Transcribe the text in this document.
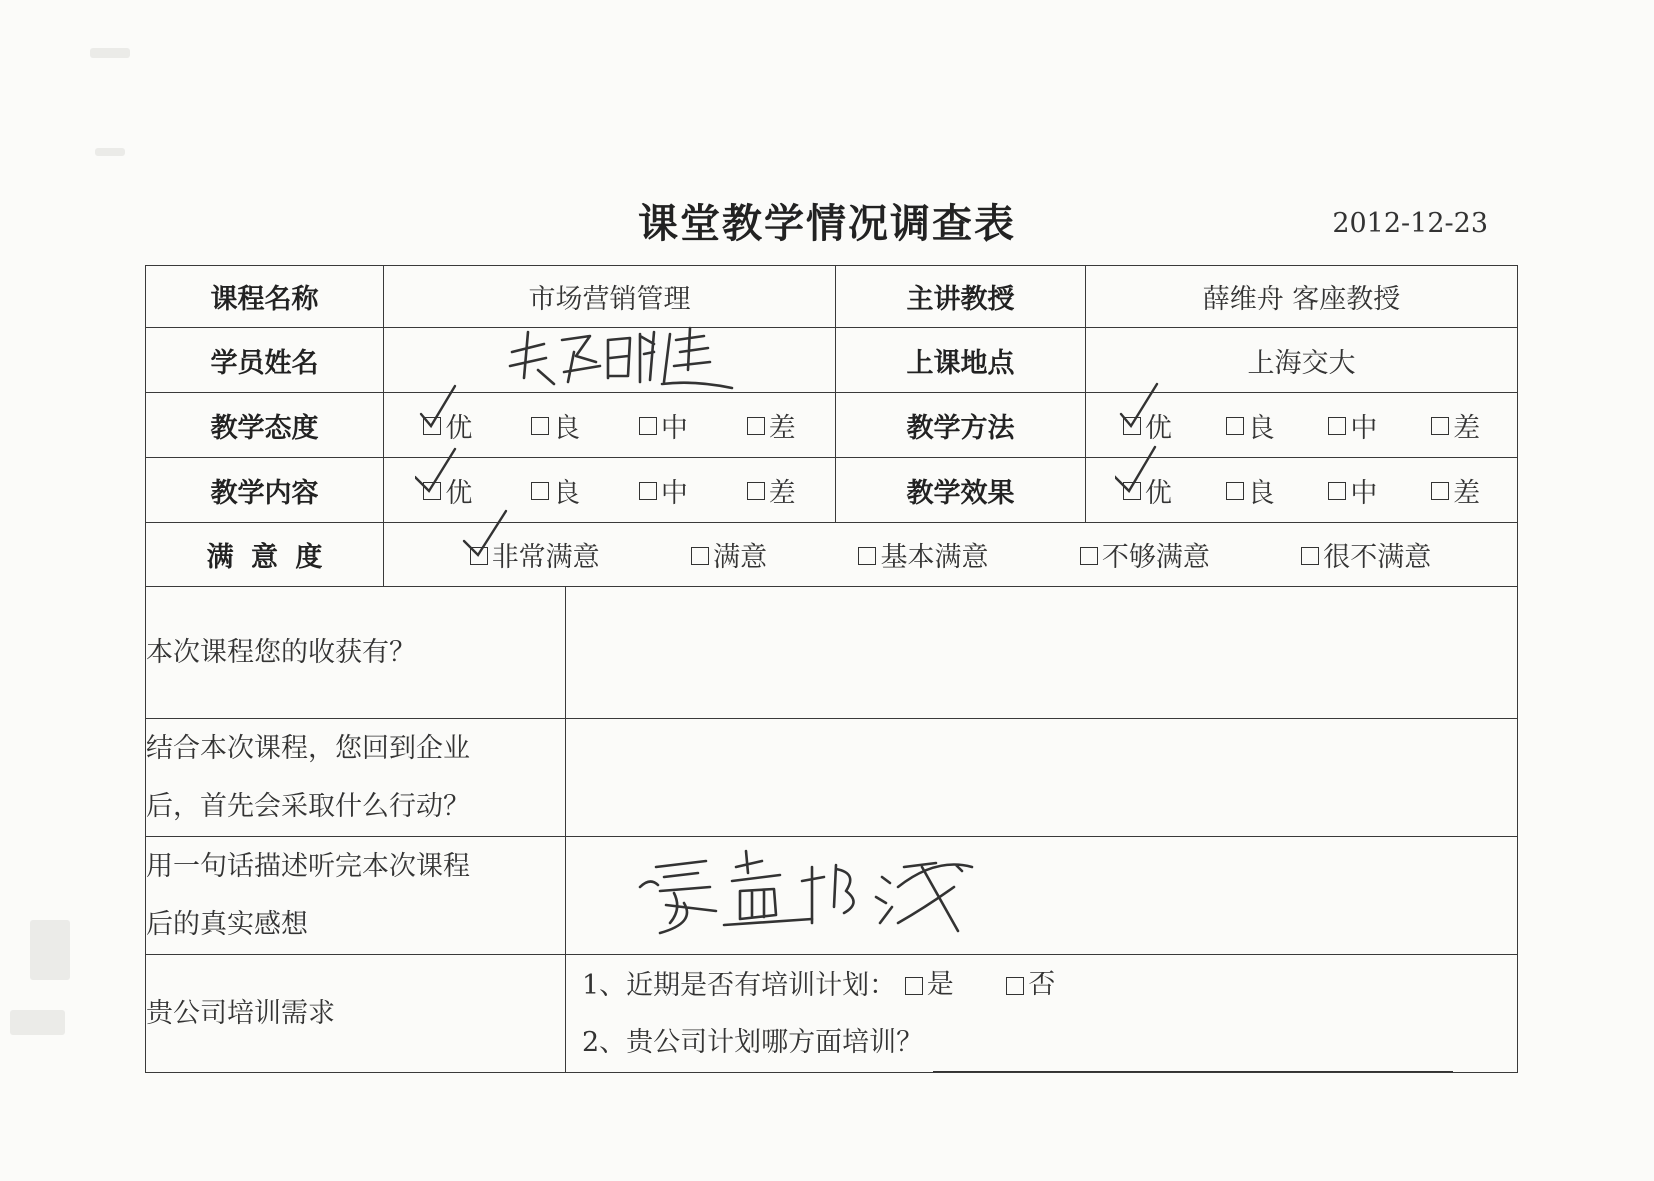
课堂教学情况调查表	2012-12-23
课程名称	市场营销管理		主讲教授	薛维舟 客座教授
学员姓名			上课地点	上海交大
教学态度	优 良 中 差		教学方法	优 良 中 差

教学内容	优 良 中 差		教学效果	优 良 中 差

满 意 度	非常满意 满意 基本满意 不够满意 很不满意			

本次课程您的收获有？				

结合本次课程，您回到企业
后，首先会采取什么行动？				

用一句话描述听完本次课程
后的真实感想

贵公司培训需求		1、近期是否有培训计划： 是
否
2、贵公司计划哪方面培训？		
